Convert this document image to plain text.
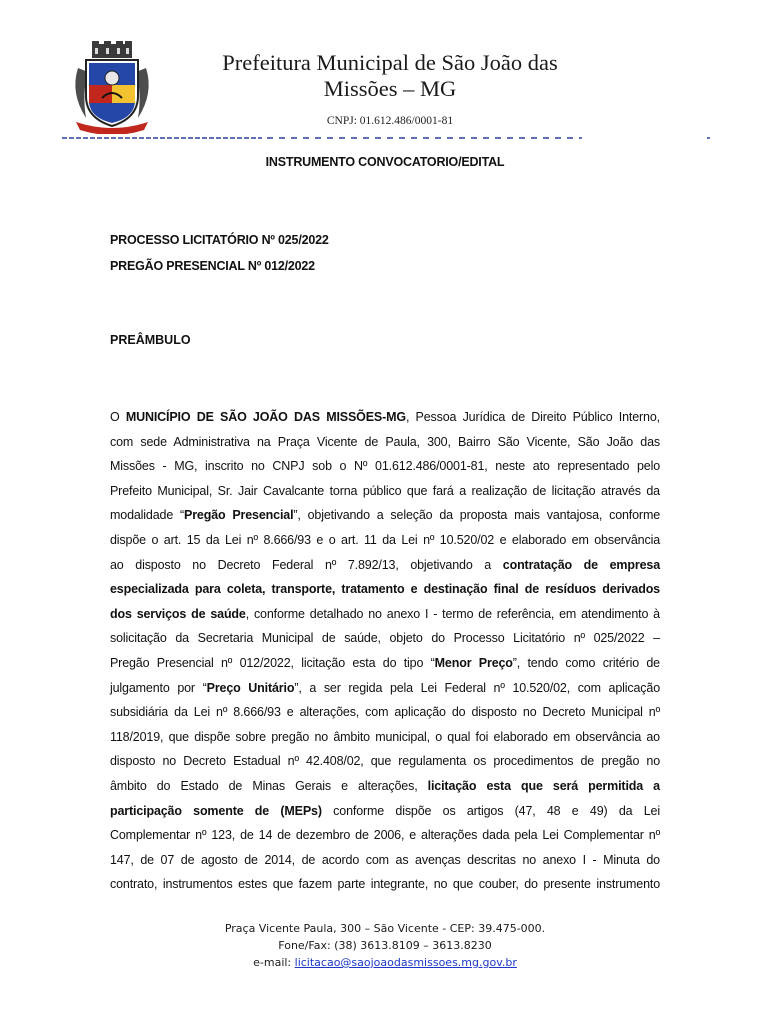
Prefeitura Municipal de São João das
Missões – MG
CNPJ: 01.612.486/0001-81
INSTRUMENTO CONVOCATORIO/EDITAL
PROCESSO LICITATÓRIO Nº 025/2022
PREGÃO PRESENCIAL Nº 012/2022
PREÂMBULO
O MUNICÍPIO DE SÃO JOÃO DAS MISSÕES-MG, Pessoa Jurídica de Direito Público Interno,
com sede Administrativa na Praça Vicente de Paula, 300, Bairro São Vicente, São João das
Missões - MG, inscrito no CNPJ sob o Nº 01.612.486/0001-81, neste ato representado pelo
Prefeito Municipal, Sr. Jair Cavalcante torna público que fará a realização de licitação através da
modalidade “Pregão Presencial”, objetivando a seleção da proposta mais vantajosa, conforme
dispõe o art. 15 da Lei nº 8.666/93 e o art. 11 da Lei nº 10.520/02 e elaborado em observância
ao disposto no Decreto Federal nº 7.892/13, objetivando a contratação de empresa
especializada para coleta, transporte, tratamento e destinação final de resíduos derivados
dos serviços de saúde, conforme detalhado no anexo I - termo de referência, em atendimento à
solicitação da Secretaria Municipal de saúde, objeto do Processo Licitatório nº 025/2022 –
Pregão Presencial nº 012/2022, licitação esta do tipo “Menor Preço”, tendo como critério de
julgamento por “Preço Unitário”, a ser regida pela Lei Federal nº 10.520/02, com aplicação
subsidiária da Lei nº 8.666/93 e alterações, com aplicação do disposto no Decreto Municipal nº
118/2019, que dispõe sobre pregão no âmbito municipal, o qual foi elaborado em observância ao
disposto no Decreto Estadual nº 42.408/02, que regulamenta os procedimentos de pregão no
âmbito do Estado de Minas Gerais e alterações, licitação esta que será permitida a
participação somente de (MEPs) conforme dispõe os artigos (47, 48 e 49) da Lei
Complementar nº 123, de 14 de dezembro de 2006, e alterações dada pela Lei Complementar nº
147, de 07 de agosto de 2014, de acordo com as avenças descritas no anexo I - Minuta do
contrato, instrumentos estes que fazem parte integrante, no que couber, do presente instrumento
Praça Vicente Paula, 300 – São Vicente - CEP: 39.475-000.
Fone/Fax: (38) 3613.8109 – 3613.8230
e-mail: licitacao@saojoaodasmissoes.mg.gov.br
